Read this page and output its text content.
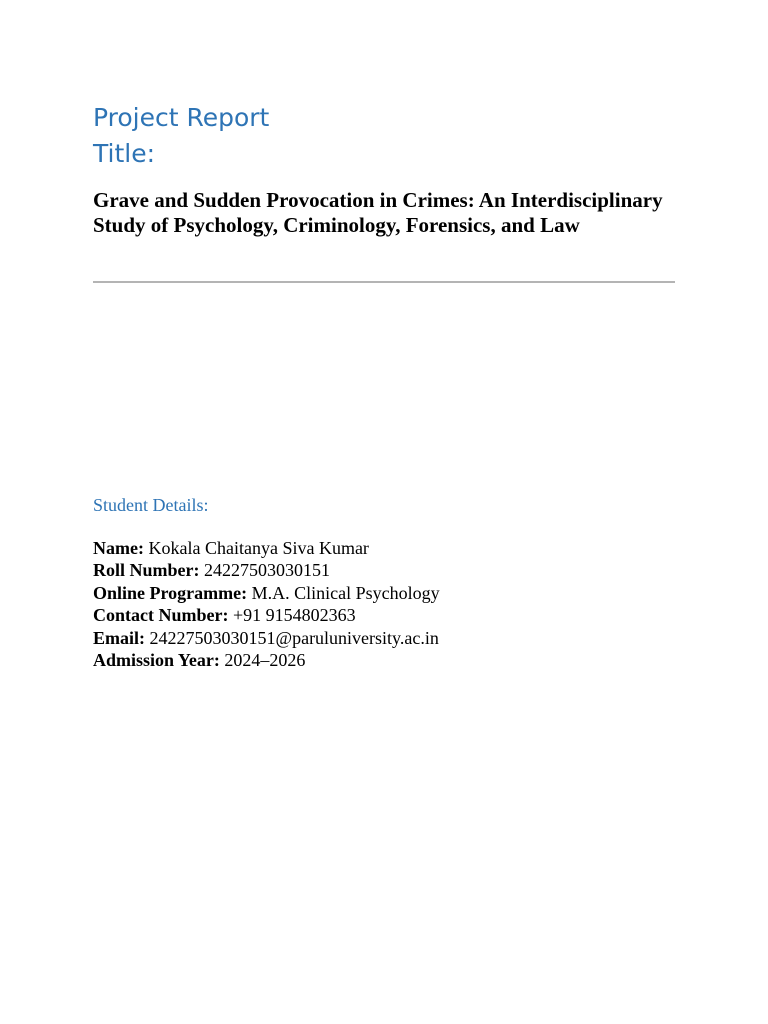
Project Report
Title:

Grave and Sudden Provocation in Crimes: An Interdisciplinary Study of Psychology, Criminology, Forensics, and Law

Student Details:
Name: Kokala Chaitanya Siva Kumar
Roll Number: 24227503030151
Online Programme: M.A. Clinical Psychology
Contact Number: +91 9154802363
Email: 24227503030151@paruluniversity.ac.in
Admission Year: 2024–2026
